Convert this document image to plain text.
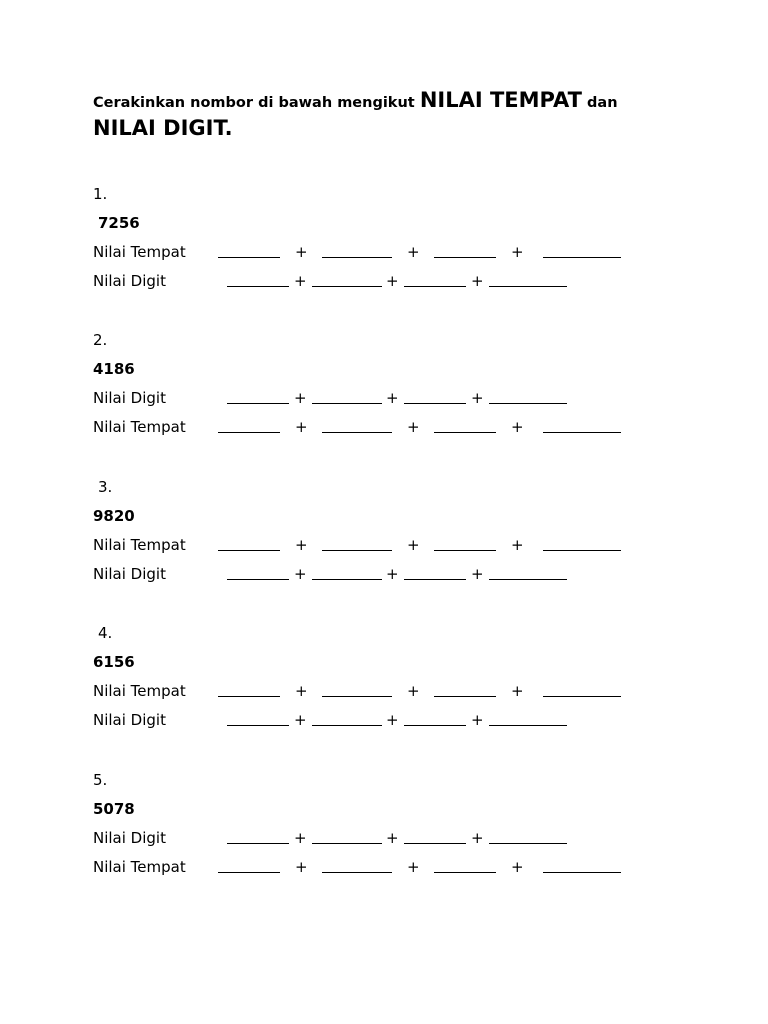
Cerakinkan nombor di bawah mengikut NILAI TEMPAT dan
NILAI DIGIT.
1.
7256
Nilai Tempat	+	+	+
Nilai Digit	+	+	+
2.
4186
Nilai Digit	+	+	+
Nilai Tempat	+	+	+
3.
9820
Nilai Tempat	+	+	+
Nilai Digit	+	+	+
4.
6156
Nilai Tempat	+	+	+
Nilai Digit	+	+	+
5.
5078
Nilai Digit	+	+	+
Nilai Tempat	+	+	+
